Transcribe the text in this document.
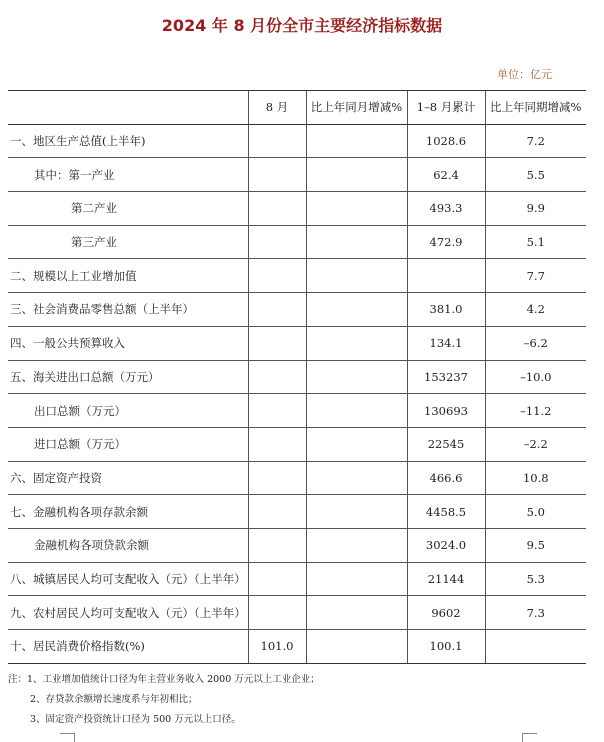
2024 年 8 月份全市主要经济指标数据
单位：亿元
	8 月	比上年同月增减%	1–8 月累计	比上年同期增减%
一、地区生产总值(上半年)			1028.6	7.2
其中：第一产业			62.4	5.5
第二产业			493.3	9.9
第三产业			472.9	5.1
二、规模以上工业增加值				7.7
三、社会消费品零售总额（上半年）			381.0	4.2
四、一般公共预算收入			134.1	–6.2
五、海关进出口总额（万元）			153237	–10.0
出口总额（万元）			130693	–11.2
进口总额（万元）			22545	–2.2
六、固定资产投资			466.6	10.8
七、金融机构各项存款余额			4458.5	5.0
金融机构各项贷款余额			3024.0	9.5
八、城镇居民人均可支配收入（元）（上半年）			21144	5.3
九、农村居民人均可支配收入（元）（上半年）			9602	7.3
十、居民消费价格指数(%)	101.0		100.1	
注：1、工业增加值统计口径为年主营业务收入 2000 万元以上工业企业；
2、存贷款余额增长速度系与年初相比；
3、固定资产投资统计口径为 500 万元以上口径。
